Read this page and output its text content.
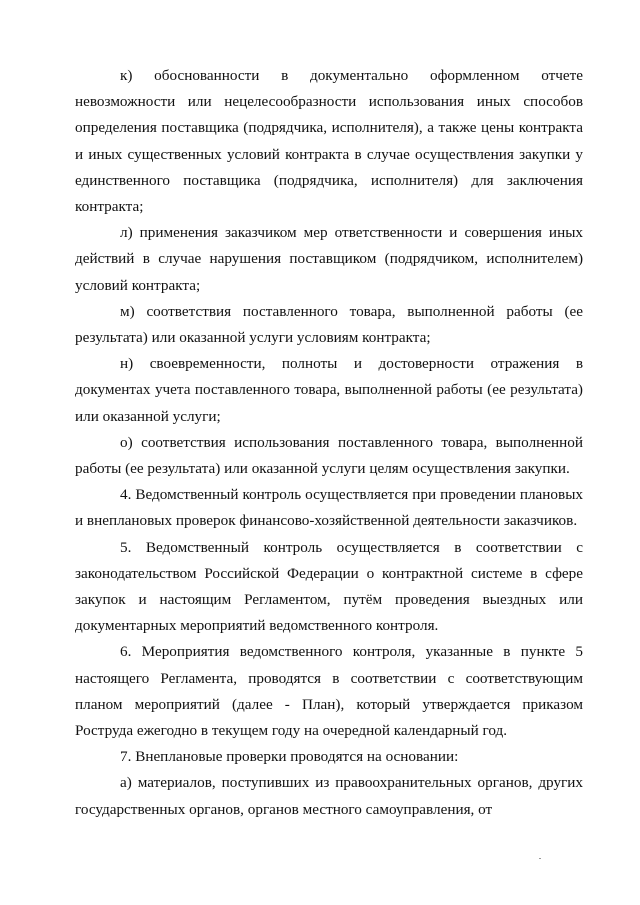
к) обоснованности в документально оформленном отчете невозможности или нецелесообразности использования иных способов определения поставщика (подрядчика, исполнителя), а также цены контракта и иных существенных условий контракта в случае осуществления закупки у единственного поставщика (подрядчика, исполнителя) для заключения контракта;

л) применения заказчиком мер ответственности и совершения иных действий в случае нарушения поставщиком (подрядчиком, исполнителем) условий контракта;

м) соответствия поставленного товара, выполненной работы (ее результата) или оказанной услуги условиям контракта;

н) своевременности, полноты и достоверности отражения в документах учета поставленного товара, выполненной работы (ее результата) или оказанной услуги;

о) соответствия использования поставленного товара, выполненной работы (ее результата) или оказанной услуги целям осуществления закупки.

4. Ведомственный контроль осуществляется при проведении плановых и внеплановых проверок финансово-хозяйственной деятельности заказчиков.

5. Ведомственный контроль осуществляется в соответствии с законодательством Российской Федерации о контрактной системе в сфере закупок и настоящим Регламентом, путём проведения выездных или документарных мероприятий ведомственного контроля.

6. Мероприятия ведомственного контроля, указанные в пункте 5 настоящего Регламента, проводятся в соответствии с соответствующим планом мероприятий (далее - План), который утверждается приказом Роструда ежегодно в текущем году на очередной календарный год.

7. Внеплановые проверки проводятся на основании:

а) материалов, поступивших из правоохранительных органов, других государственных органов, органов местного самоуправления, от
